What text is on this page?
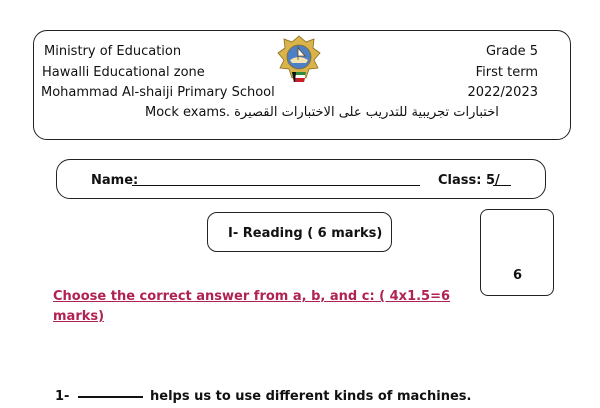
Ministry of Education
Hawalli Educational zone
Mohammad Al-shaiji Primary School
Grade 5
First term
2022/2023
Mock exams. اختبارات تجريبية للتدريب على الاختبارات القصيرة
Name:	Class: 5/
I- Reading ( 6 marks)
6
Choose the correct answer from a, b, and c: ( 4x1.5=6 marks)
1-	helps us to use different kinds of machines.
